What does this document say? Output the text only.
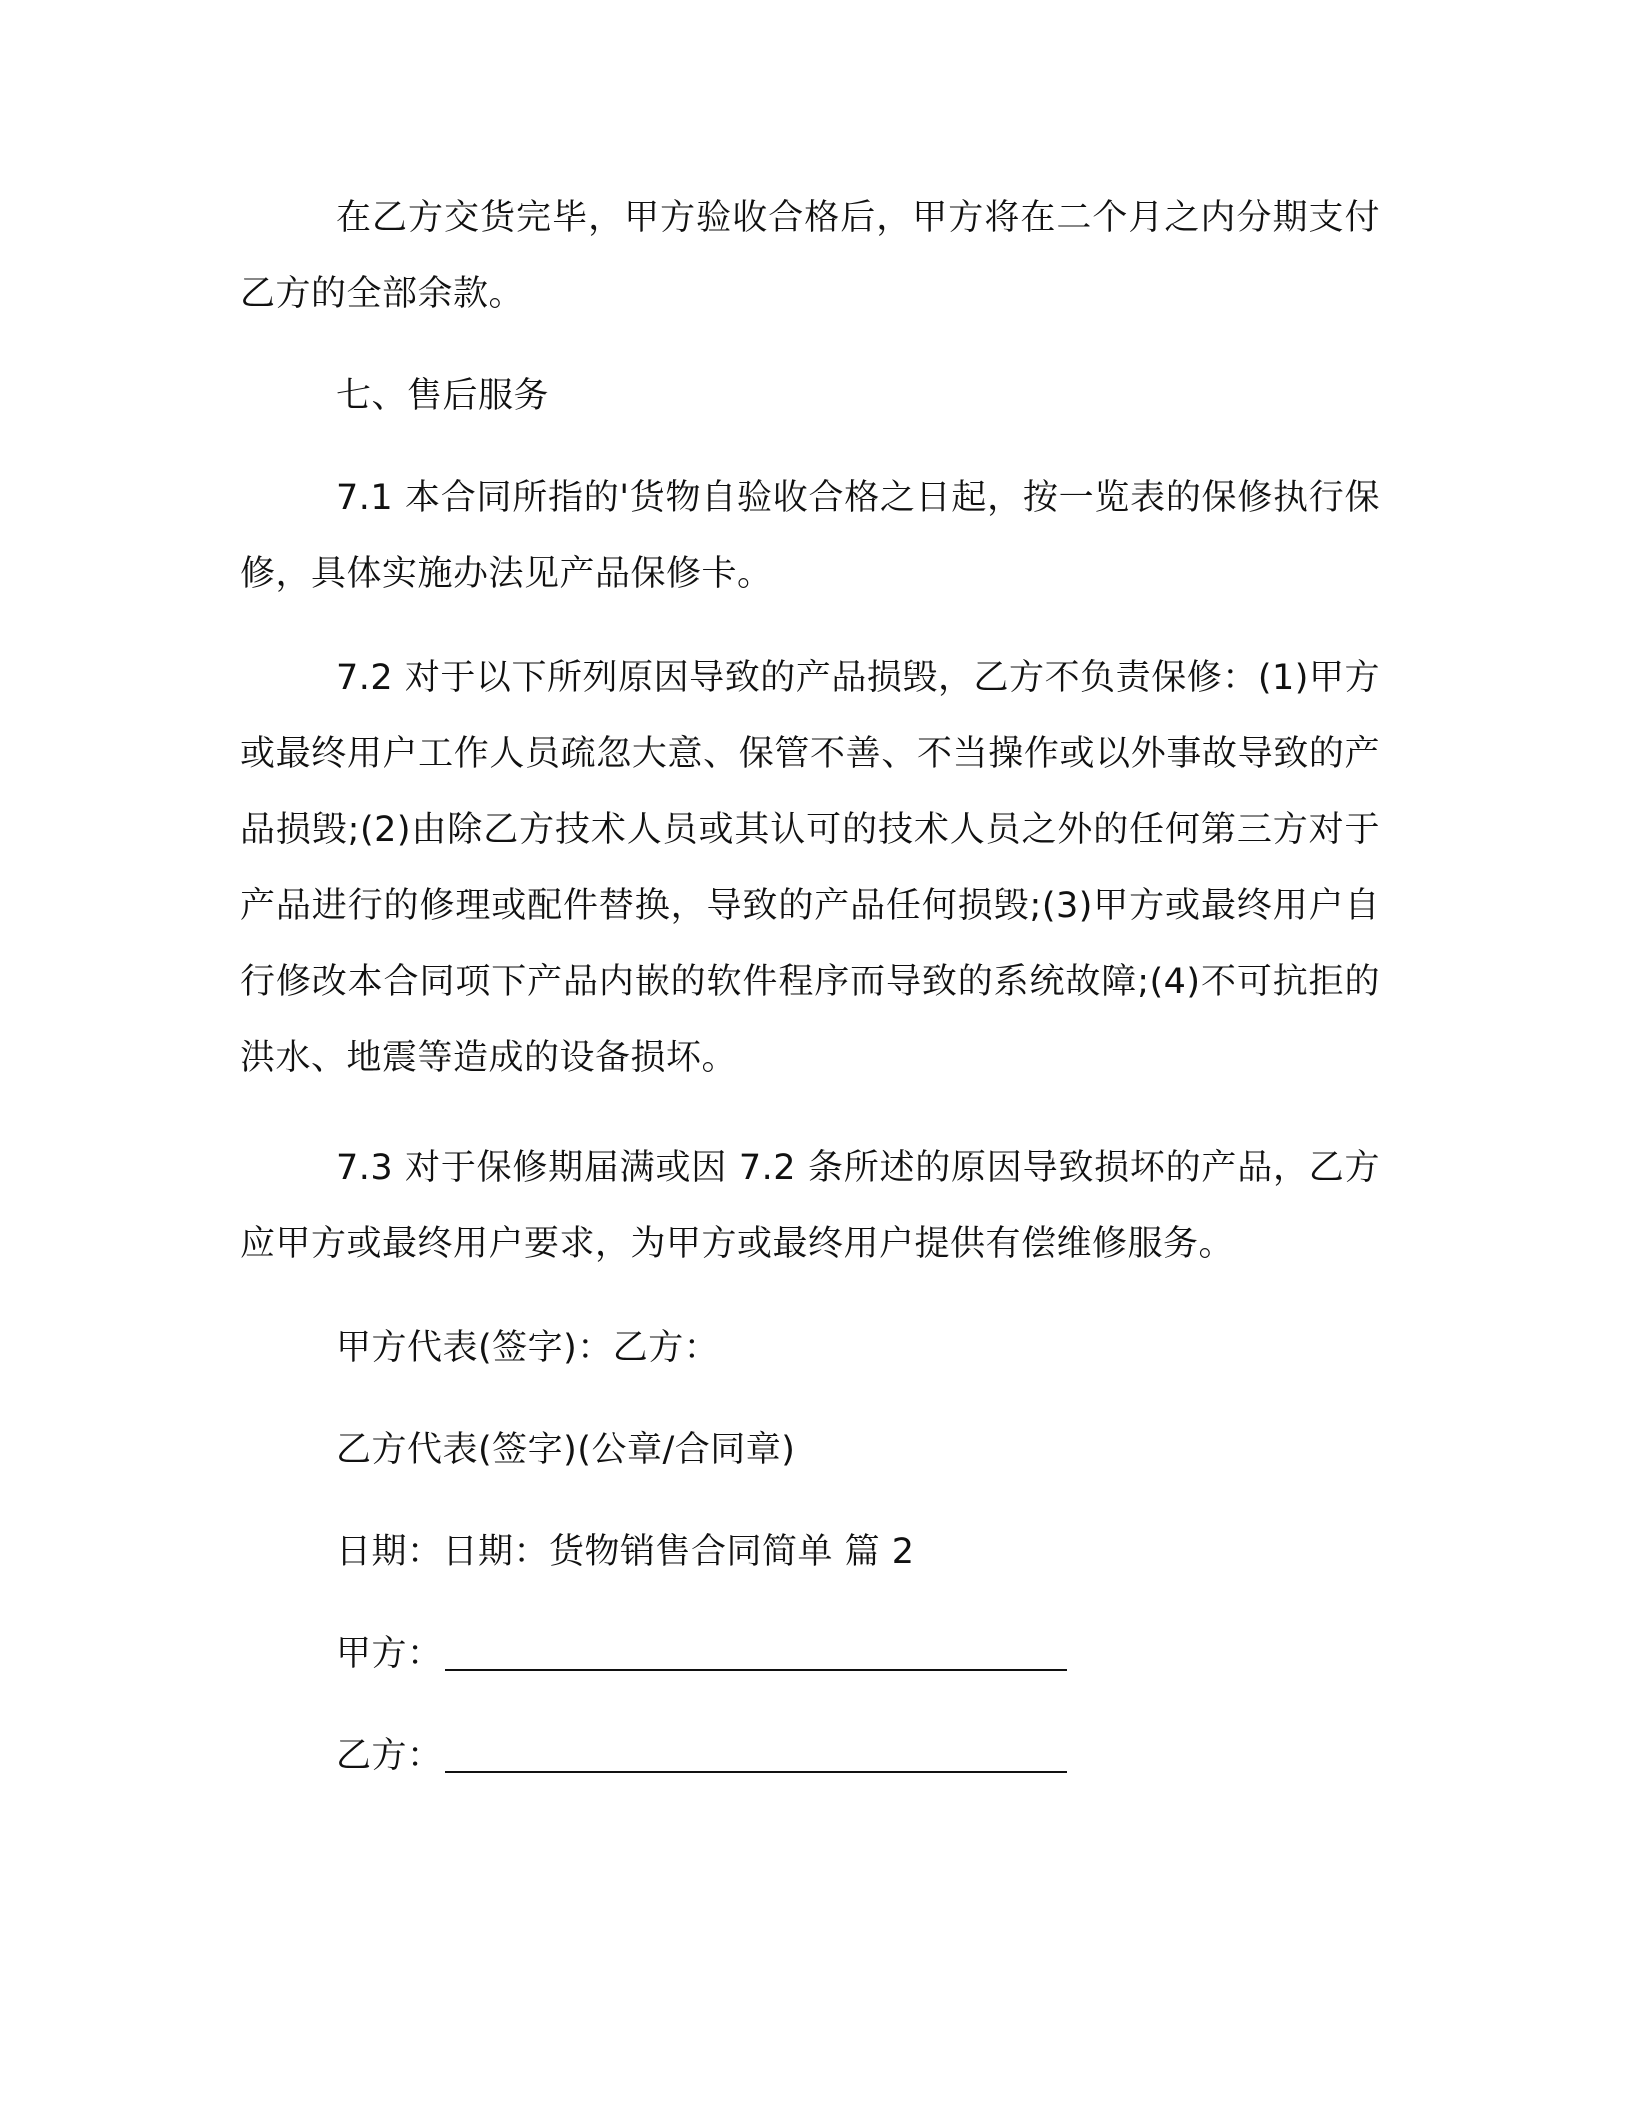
在乙方交货完毕，甲方验收合格后，甲方将在二个月之内分期支付乙方的全部余款。

七、售后服务

7.1 本合同所指的'货物自验收合格之日起，按一览表的保修执行保修，具体实施办法见产品保修卡。

7.2 对于以下所列原因导致的产品损毁，乙方不负责保修：(1)甲方或最终用户工作人员疏忽大意、保管不善、不当操作或以外事故导致的产品损毁;(2)由除乙方技术人员或其认可的技术人员之外的任何第三方对于产品进行的修理或配件替换，导致的产品任何损毁;(3)甲方或最终用户自行修改本合同项下产品内嵌的软件程序而导致的系统故障;(4)不可抗拒的洪水、地震等造成的设备损坏。

7.3 对于保修期届满或因 7.2 条所述的原因导致损坏的产品，乙方应甲方或最终用户要求，为甲方或最终用户提供有偿维修服务。

甲方代表(签字)：乙方：

乙方代表(签字)(公章/合同章)

日期：日期：货物销售合同简单 篇 2

甲方：

乙方：
